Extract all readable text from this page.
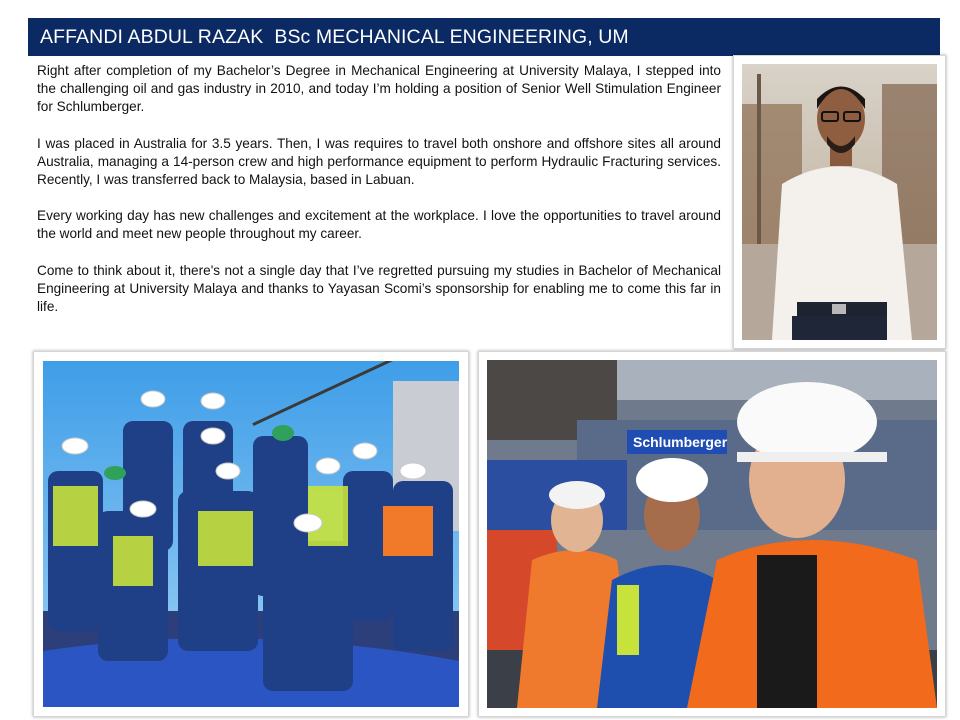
AFFANDI ABDUL RAZAK  BSc MECHANICAL ENGINEERING, UM

Right after completion of my Bachelor’s Degree in Mechanical Engineering at University Malaya, I stepped into the challenging oil and gas industry in 2010, and today I’m holding a position of Senior Well Stimulation Engineer for Schlumberger.

I was placed in Australia for 3.5 years. Then, I was requires to travel both onshore and offshore sites all around Australia, managing a 14-person crew and high performance equipment to perform Hydraulic Fracturing services. Recently, I was transferred back to Malaysia, based in Labuan.

Every working day has new challenges and excitement at the workplace. I love the opportunities to travel around the world and meet new people throughout my career.

Come to think about it, there's not a single day that I’ve regretted pursuing my studies in Bachelor of Mechanical Engineering at University Malaya and thanks to Yayasan Scomi’s sponsorship for enabling me to come this far in life.

Schlumberger
